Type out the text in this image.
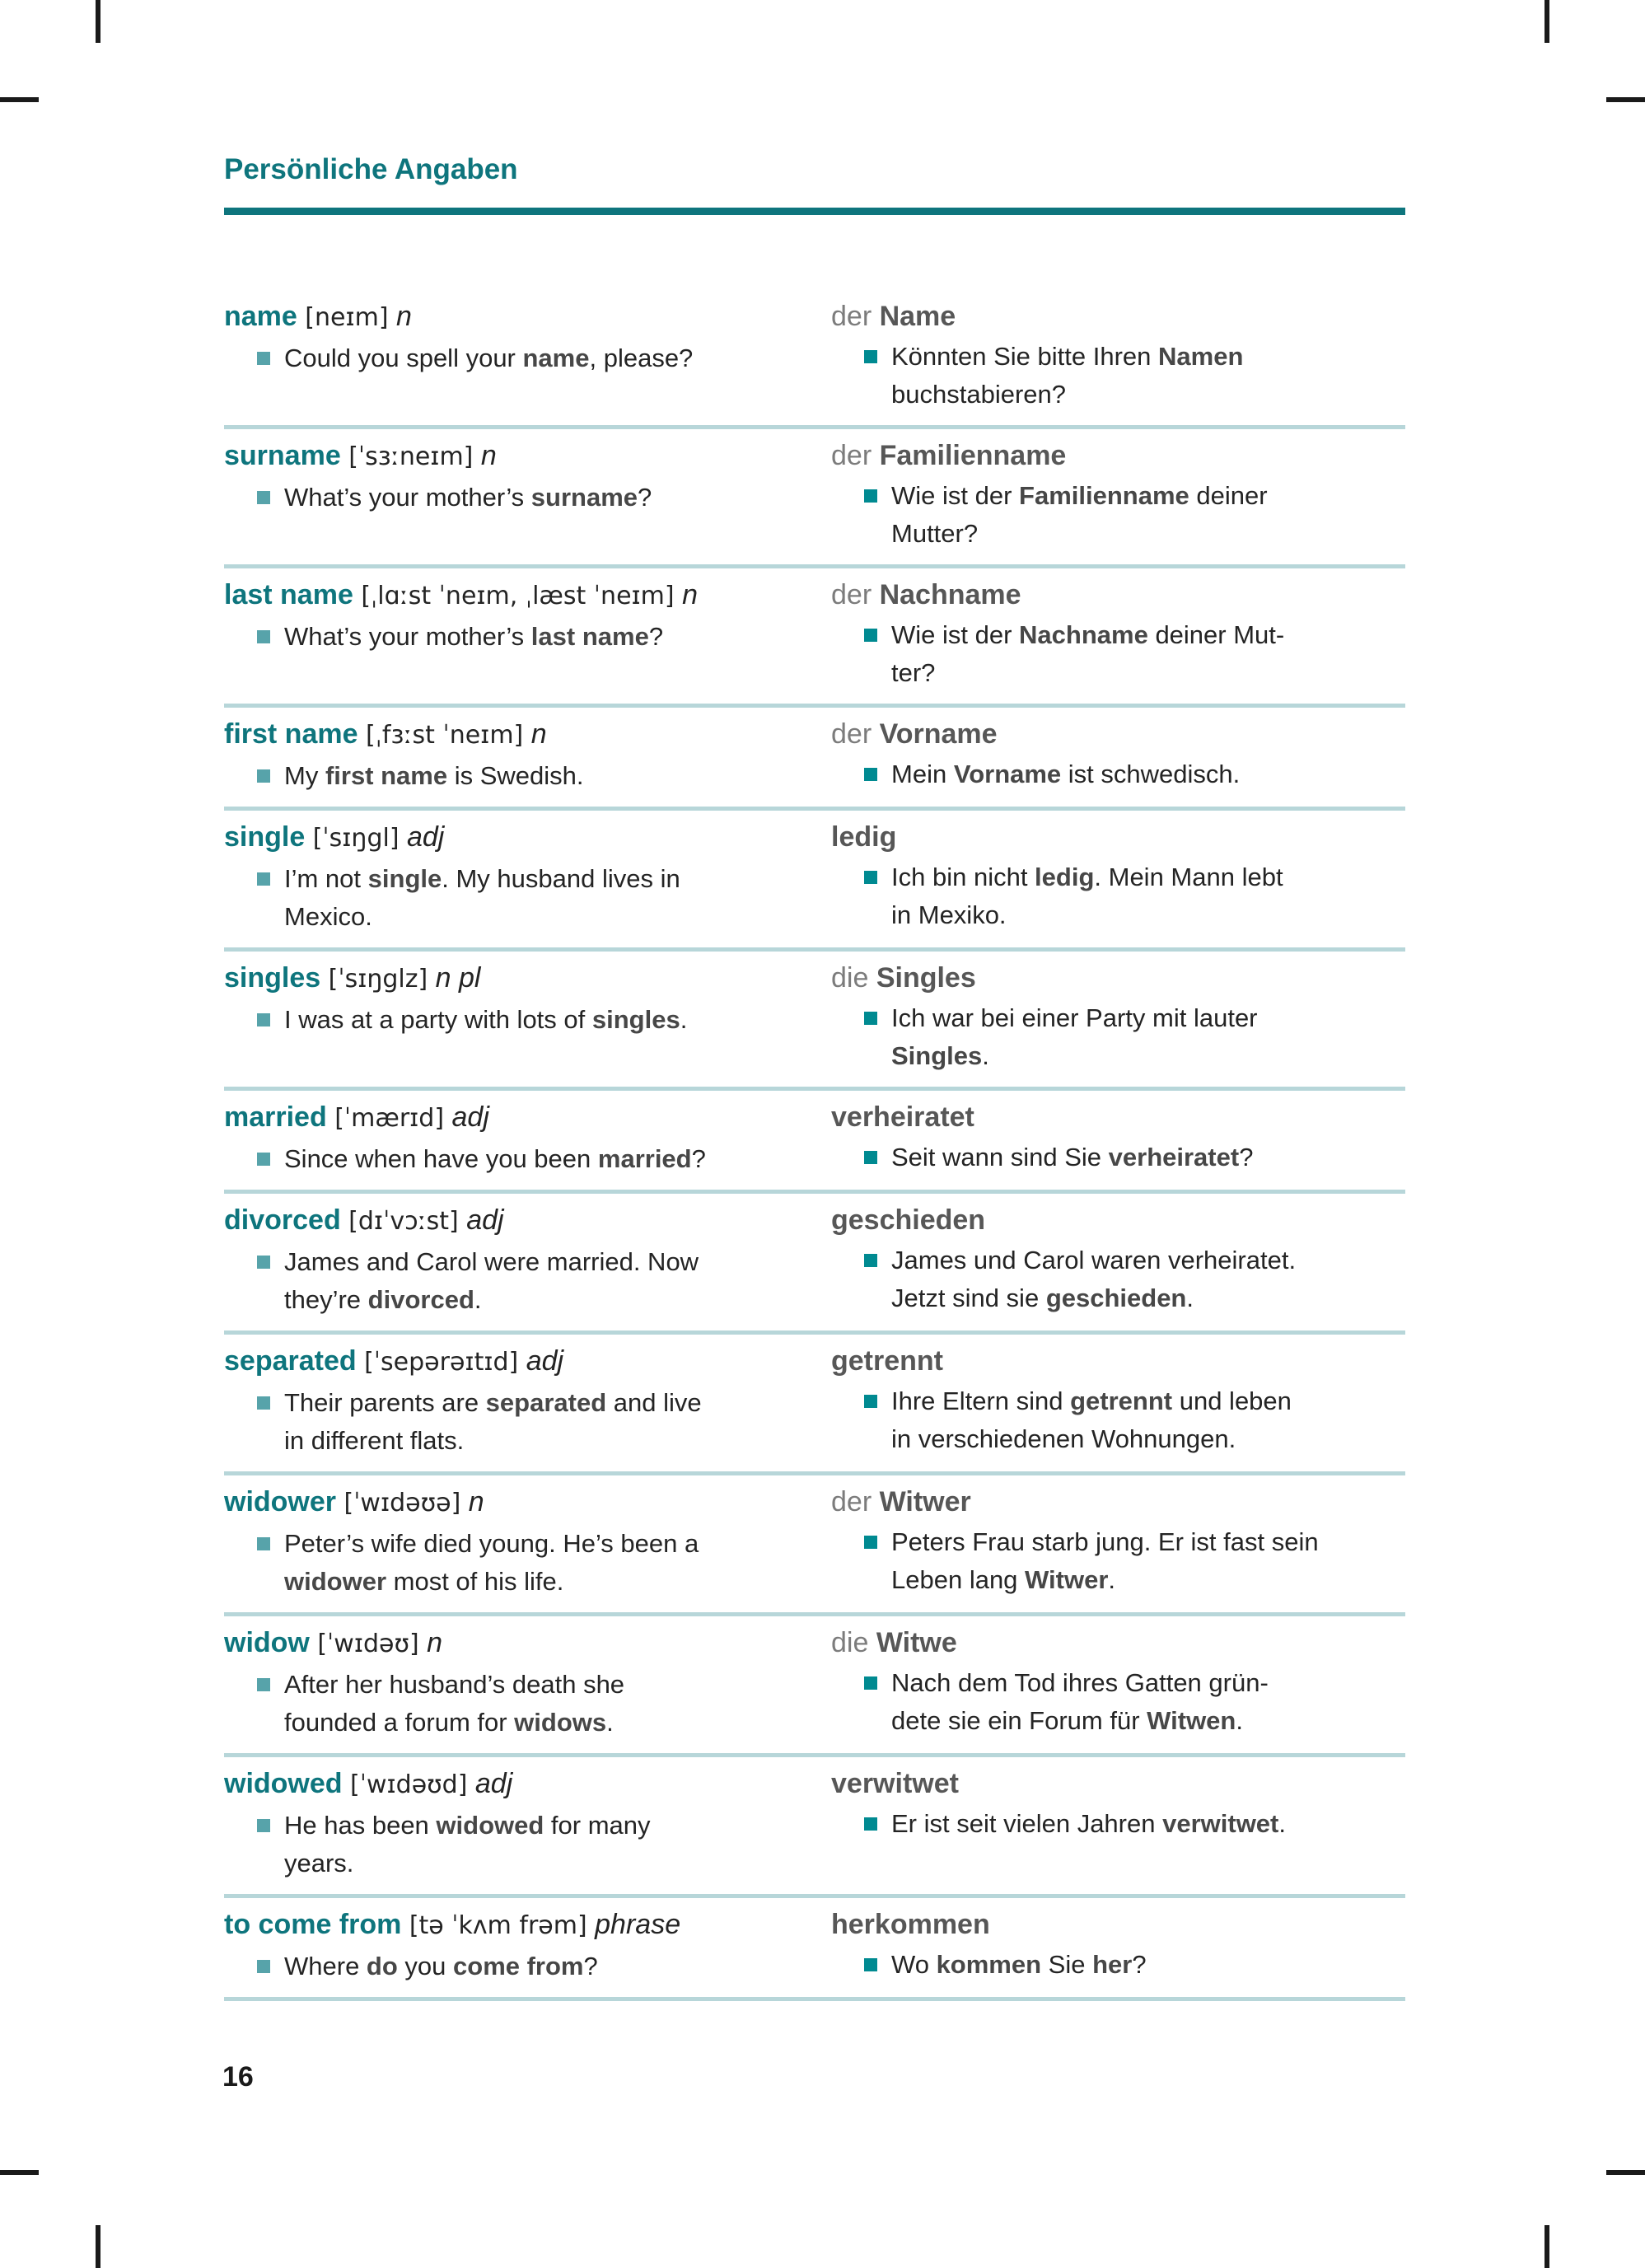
Persönliche Angaben
name [neɪm] n
Could you spell your name, please?
der Name
Könnten Sie bitte Ihren Namen
buchstabieren?
surname [ˈsɜːneɪm] n
What’s your mother’s surname?
der Familienname
Wie ist der Familienname deiner
Mutter?
last name [ˌlɑːst ˈneɪm, ˌlæst ˈneɪm] n
What’s your mother’s last name?
der Nachname
Wie ist der Nachname deiner Mut-
ter?
first name [ˌfɜːst ˈneɪm] n
My first name is Swedish.
der Vorname
Mein Vorname ist schwedisch.
single [ˈsɪŋgl] adj
I’m not single. My husband lives in
Mexico.
ledig
Ich bin nicht ledig. Mein Mann lebt
in Mexiko.
singles [ˈsɪŋglz] n pl
I was at a party with lots of singles.
die Singles
Ich war bei einer Party mit lauter
Singles.
married [ˈmærɪd] adj
Since when have you been married?
verheiratet
Seit wann sind Sie verheiratet?
divorced [dɪˈvɔːst] adj
James and Carol were married. Now
they’re divorced.
geschieden
James und Carol waren verheiratet.
Jetzt sind sie geschieden.
separated [ˈsepərəɪtɪd] adj
Their parents are separated and live
in different flats.
getrennt
Ihre Eltern sind getrennt und leben
in verschiedenen Wohnungen.
widower [ˈwɪdəʊə] n
Peter’s wife died young. He’s been a
widower most of his life.
der Witwer
Peters Frau starb jung. Er ist fast sein
Leben lang Witwer.
widow [ˈwɪdəʊ] n
After her husband’s death she
founded a forum for widows.
die Witwe
Nach dem Tod ihres Gatten grün-
dete sie ein Forum für Witwen.
widowed [ˈwɪdəʊd] adj
He has been widowed for many
years.
verwitwet
Er ist seit vielen Jahren verwitwet.
to come from [tə ˈkʌm frəm] phrase
Where do you come from?
herkommen
Wo kommen Sie her?
16
